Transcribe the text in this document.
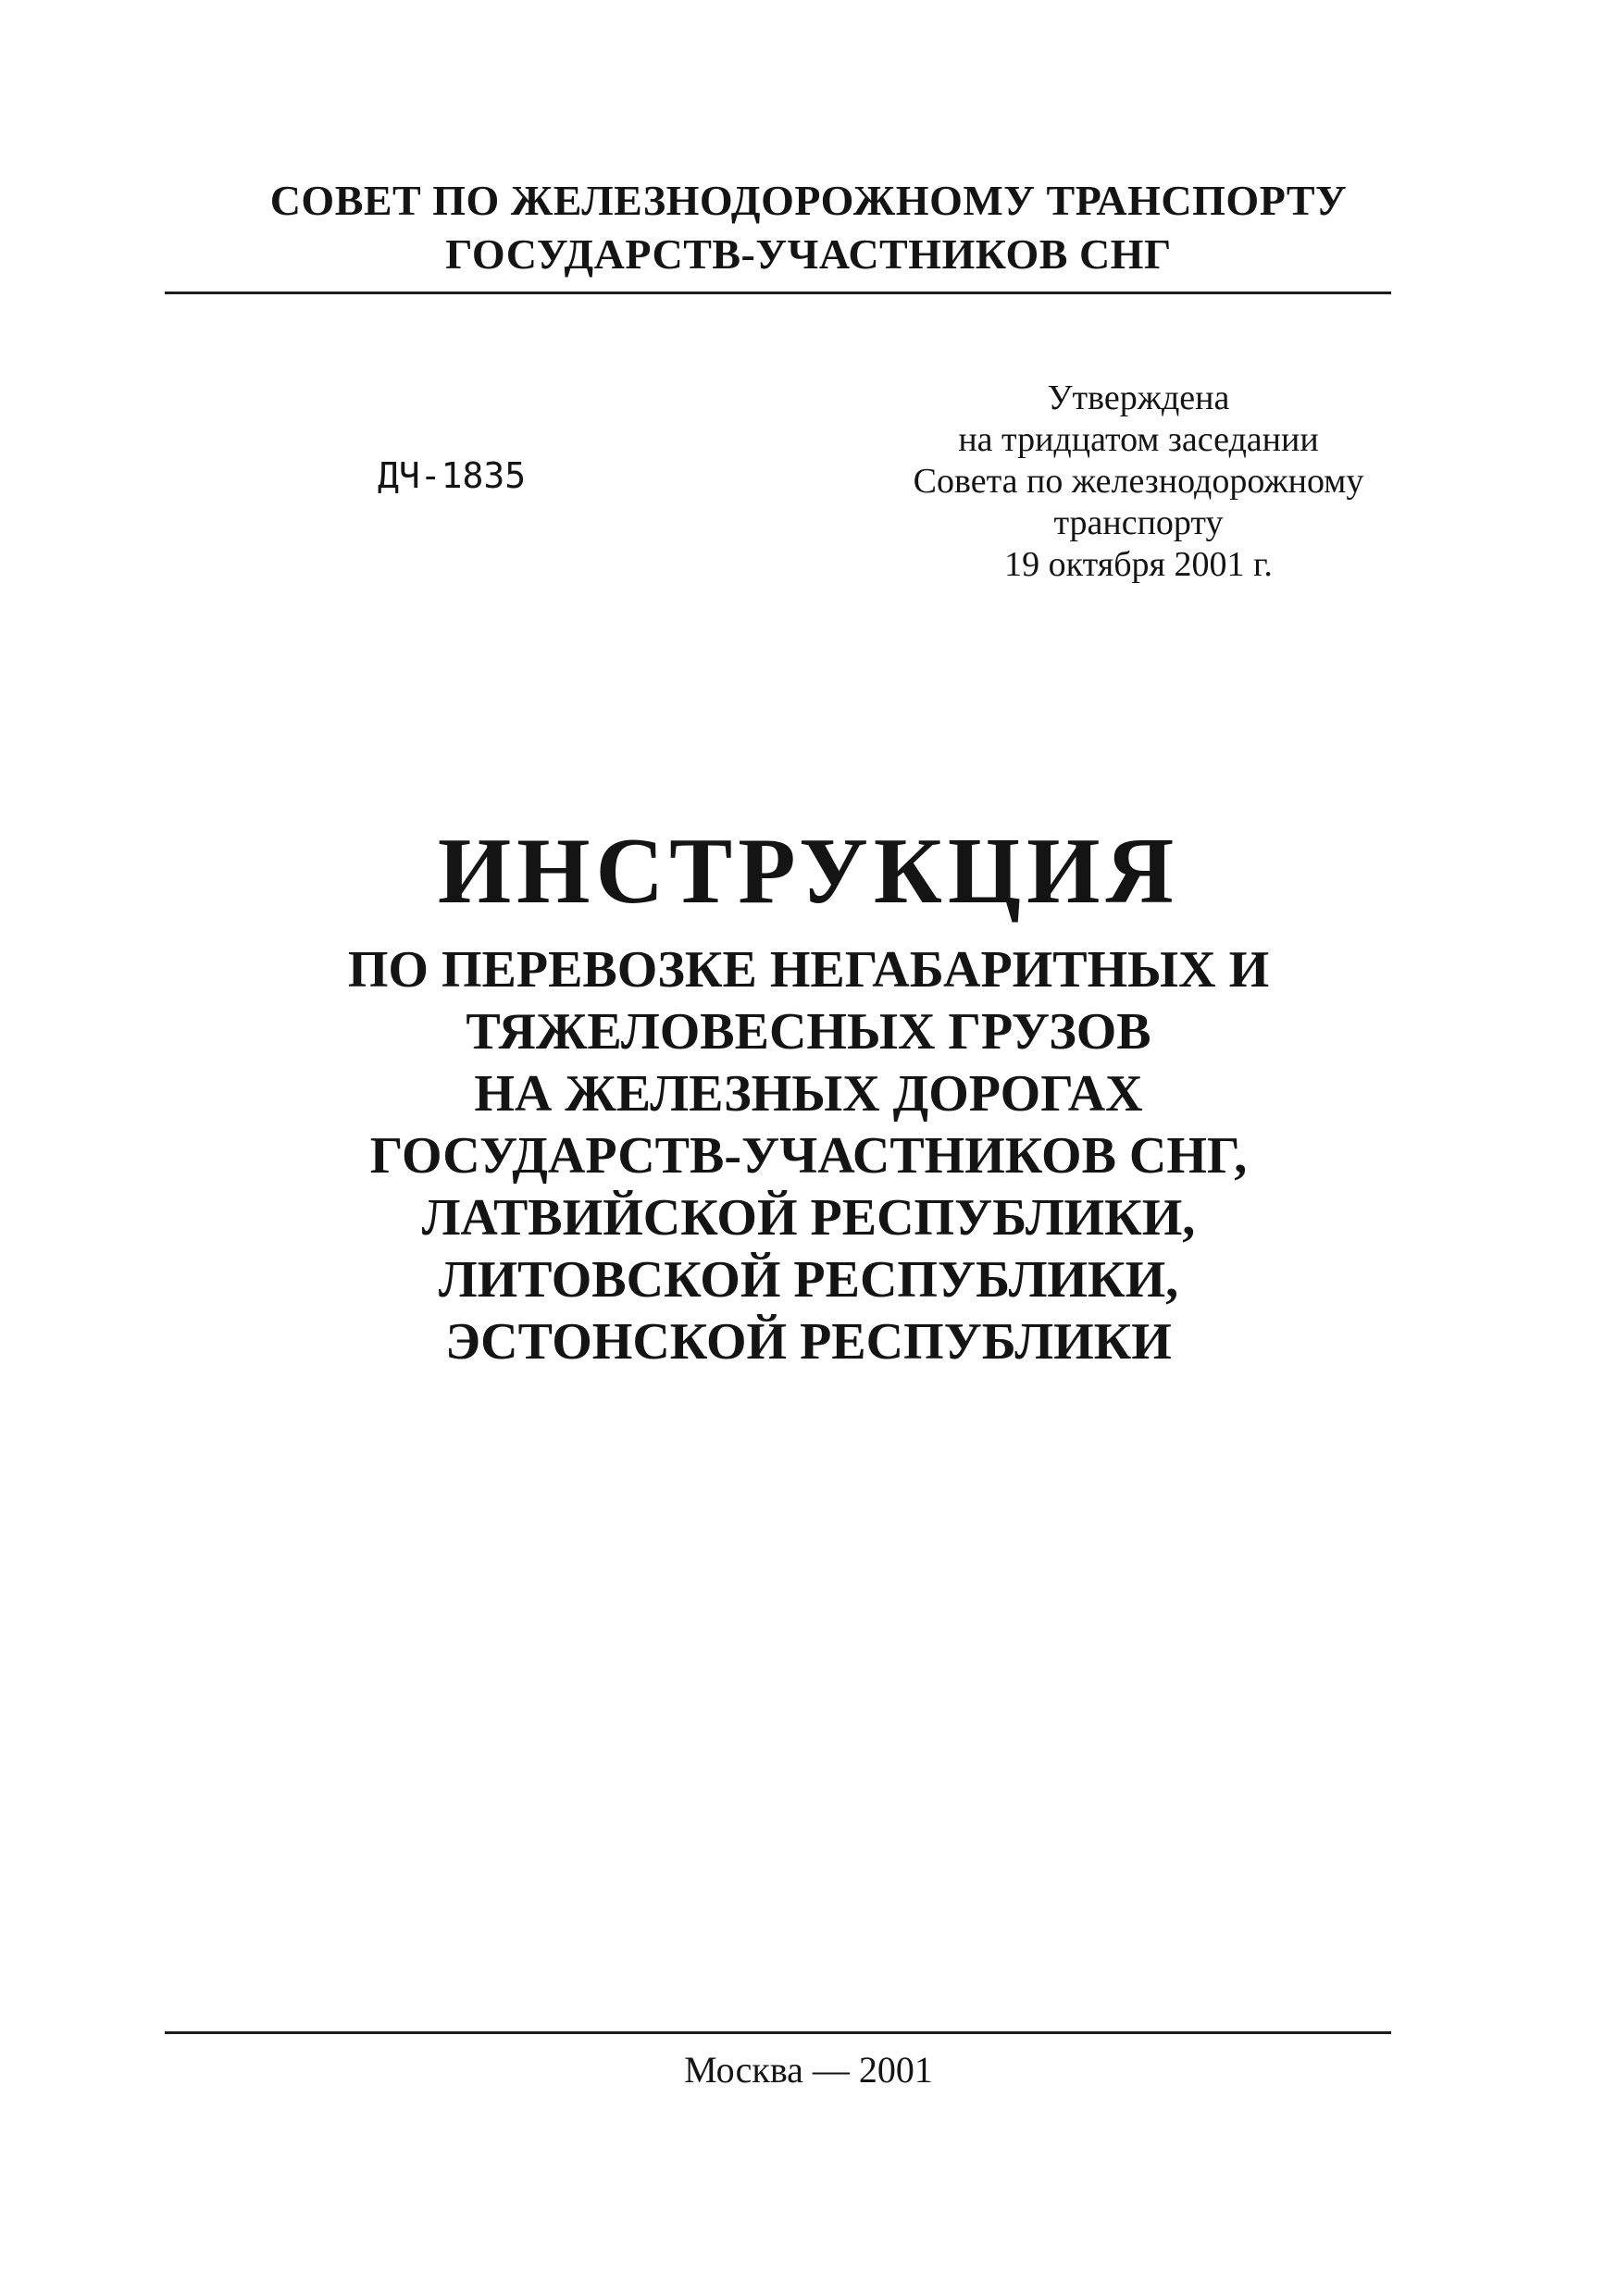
СОВЕТ ПО ЖЕЛЕЗНОДОРОЖНОМУ ТРАНСПОРТУ
ГОСУДАРСТВ-УЧАСТНИКОВ СНГ
ДЧ-1835
Утверждена
на тридцатом заседании
Совета по железнодорожному
транспорту
19 октября 2001 г.
ИНСТРУКЦИЯ
ПО ПЕРЕВОЗКЕ НЕГАБАРИТНЫХ И
ТЯЖЕЛОВЕСНЫХ ГРУЗОВ
НА ЖЕЛЕЗНЫХ ДОРОГАХ
ГОСУДАРСТВ-УЧАСТНИКОВ СНГ,
ЛАТВИЙСКОЙ РЕСПУБЛИКИ,
ЛИТОВСКОЙ РЕСПУБЛИКИ,
ЭСТОНСКОЙ РЕСПУБЛИКИ
Москва — 2001
